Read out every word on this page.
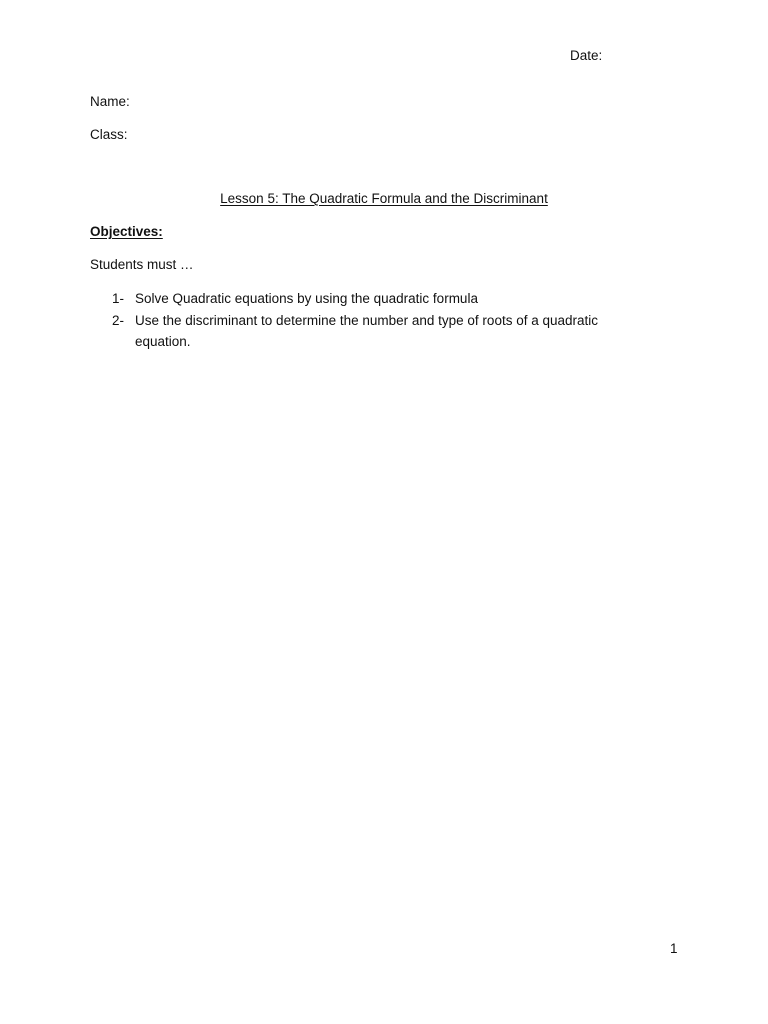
Date:
Name:
Class:
Lesson 5: The Quadratic Formula and the Discriminant
Objectives:
Students must …
1- Solve Quadratic equations by using the quadratic formula
2- Use the discriminant to determine the number and type of roots of a quadratic equation.
1
